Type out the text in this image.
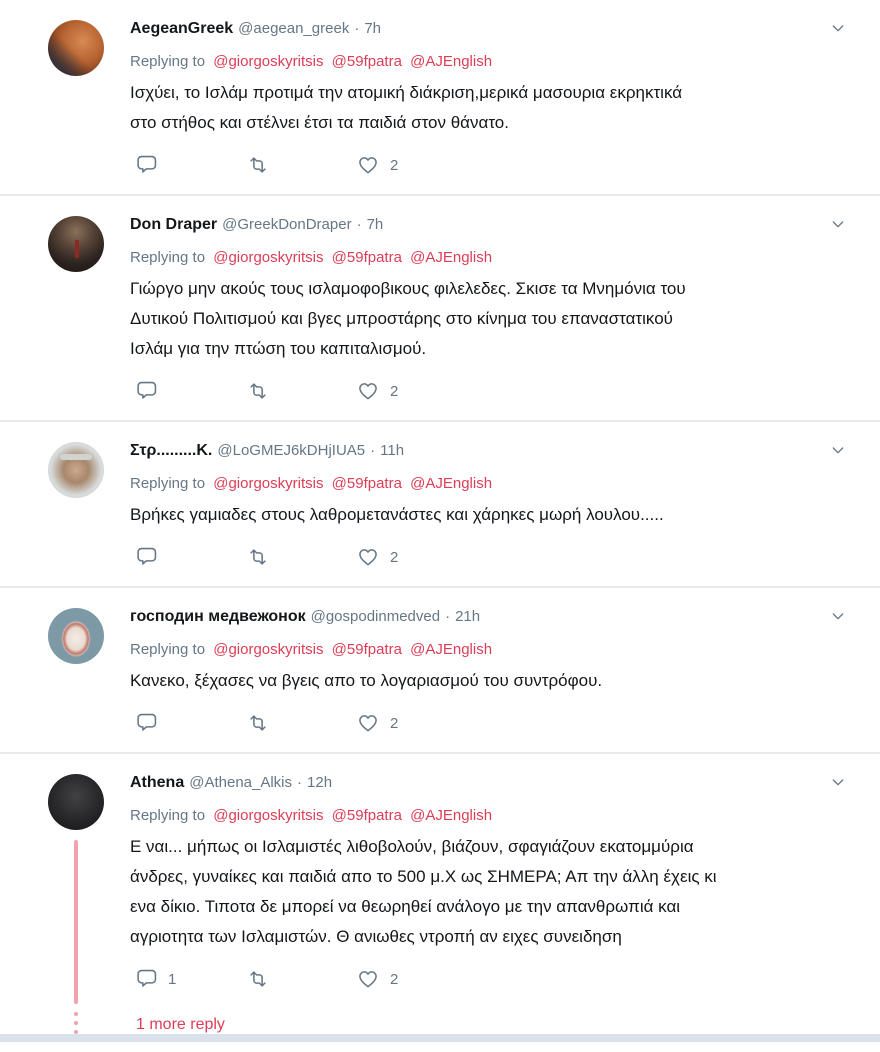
AegeanGreek @aegean_greek · 7h
Replying to @giorgoskyritsis @59fpatra @AJEnglish
Ισχύει, το Ισλάμ προτιμά την ατομική διάκριση,μερικά μασουρια εκρηκτικά
στο στήθος και στέλνει έτσι τα παιδιά στον θάνατο.
2
Don Draper @GreekDonDraper · 7h
Replying to @giorgoskyritsis @59fpatra @AJEnglish
Γιώργο μην ακούς τους ισλαμοφοβικους φιλελεδες. Σκισε τα Μνημόνια του
Δυτικού Πολιτισμού και βγες μπροστάρης στο κίνημα του επαναστατικού
Ισλάμ για την πτώση του καπιταλισμού.
2
Στρ.........Κ. @LoGMEJ6kDHjIUA5 · 11h
Replying to @giorgoskyritsis @59fpatra @AJEnglish
Βρήκες γαμιαδες στους λαθρομετανάστες και χάρηκες μωρή λουλου.....
2
господин медвежонок @gospodinmedved · 21h
Replying to @giorgoskyritsis @59fpatra @AJEnglish
Κανεκο, ξέχασες να βγεις απο το λογαριασμού του συντρόφου.
2
Athena @Athena_Alkis · 12h
Replying to @giorgoskyritsis @59fpatra @AJEnglish
Ε ναι... μήπως οι Ισλαμιστές λιθοβολούν, βιάζουν, σφαγιάζουν εκατομμύρια
άνδρες, γυναίκες και παιδιά απο το 500 μ.Χ ως ΣΗΜΕΡΑ; Απ την άλλη έχεις κι
ενα δίκιο. Τιποτα δε μπορεί να θεωρηθεί ανάλογο με την απανθρωπιά και
αγριοτητα των Ισλαμιστών. Θ ανιωθες ντροπή αν ειχες συνειδηση
1	2
1 more reply
